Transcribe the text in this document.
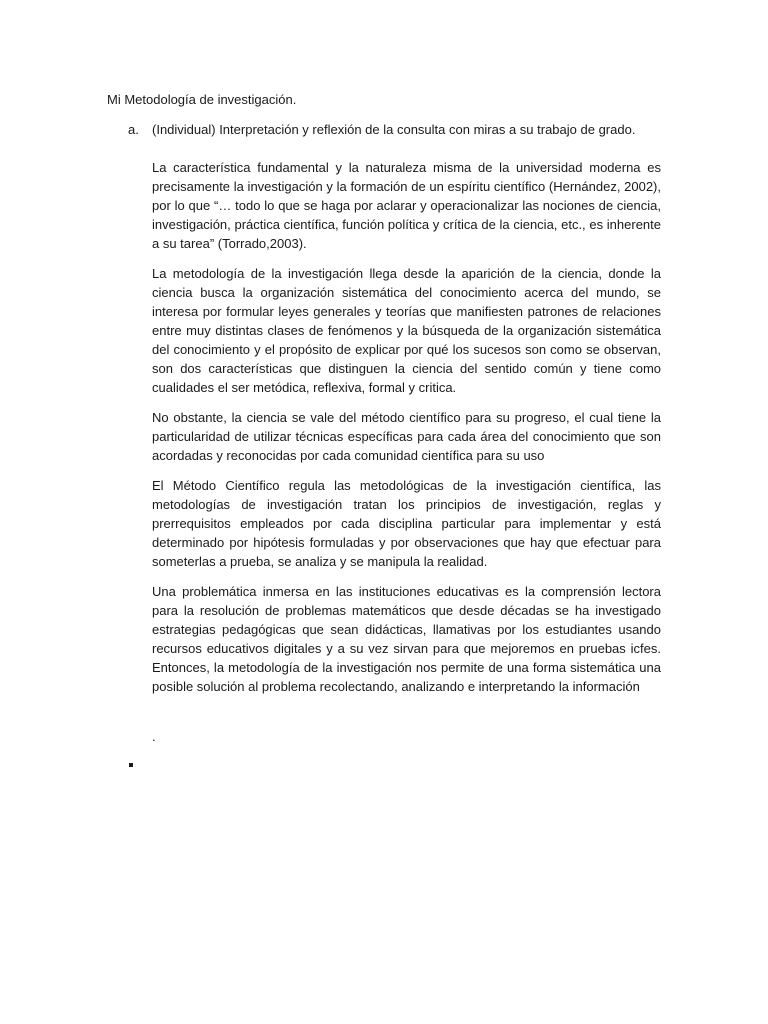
Mi Metodología de investigación.
a. (Individual) Interpretación y reflexión de la consulta con miras a su trabajo de grado.

La característica fundamental y la naturaleza misma de la universidad moderna es precisamente la investigación y la formación de un espíritu científico (Hernández, 2002), por lo que “… todo lo que se haga por aclarar y operacionalizar las nociones de ciencia, investigación, práctica científica, función política y crítica de la ciencia, etc., es inherente a su tarea” (Torrado,2003).

La metodología de la investigación llega desde la aparición de la ciencia, donde la ciencia busca la organización sistemática del conocimiento acerca del mundo, se interesa por formular leyes generales y teorías que manifiesten patrones de relaciones entre muy distintas clases de fenómenos y la búsqueda de la organización sistemática del conocimiento y el propósito de explicar por qué los sucesos son como se observan, son dos características que distinguen la ciencia del sentido común y tiene como cualidades el ser metódica, reflexiva, formal y critica.

No obstante, la ciencia se vale del método científico para su progreso, el cual tiene la particularidad de utilizar técnicas específicas para cada área del conocimiento que son acordadas y reconocidas por cada comunidad científica para su uso

El Método Científico regula las metodológicas de la investigación científica, las metodologías de investigación tratan los principios de investigación, reglas y prerrequisitos empleados por cada disciplina particular para implementar y está determinado por hipótesis formuladas y por observaciones que hay que efectuar para someterlas a prueba, se analiza y se manipula la realidad.

Una problemática inmersa en las instituciones educativas es la comprensión lectora para la resolución de problemas matemáticos que desde décadas se ha investigado estrategias pedagógicas que sean didácticas, llamativas por los estudiantes usando recursos educativos digitales y a su vez sirvan para que mejoremos en pruebas icfes. Entonces, la metodología de la investigación nos permite de una forma sistemática una posible solución al problema recolectando, analizando e interpretando la información

.
